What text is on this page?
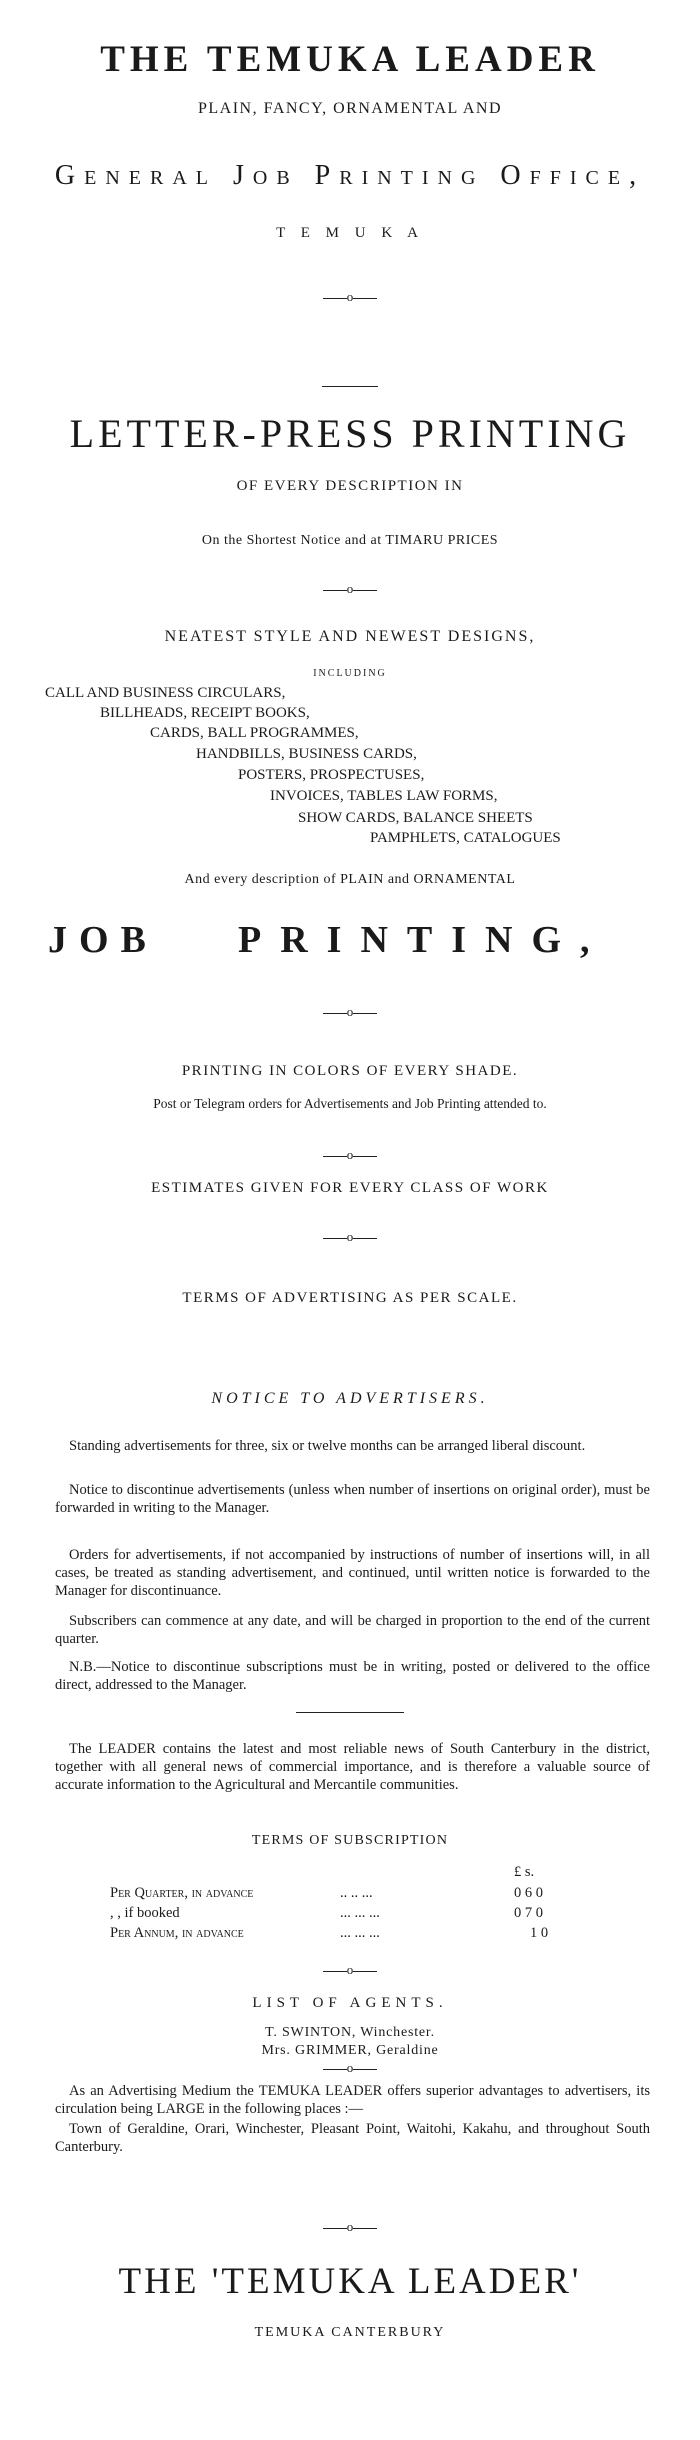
THE TEMUKA LEADER
PLAIN, FANCY, ORNAMENTAL AND
General Job Printing Office,
T E M U K A
o
LETTER-PRESS PRINTING
OF EVERY DESCRIPTION IN
On the Shortest Notice and at TIMARU PRICES
o
NEATEST STYLE AND NEWEST DESIGNS,
INCLUDING
CALL AND BUSINESS CIRCULARS,
BILLHEADS, RECEIPT BOOKS,
CARDS, BALL PROGRAMMES,
HANDBILLS, BUSINESS CARDS,
POSTERS, PROSPECTUSES,
INVOICES, TABLES LAW FORMS,
SHOW CARDS, BALANCE SHEETS
PAMPHLETS, CATALOGUES
And every description of PLAIN and ORNAMENTAL
JOB PRINTING,
o
PRINTING IN COLORS OF EVERY SHADE.
Post or Telegram orders for Advertisements and Job Printing attended to.
o
ESTIMATES GIVEN FOR EVERY CLASS OF WORK
o
TERMS OF ADVERTISING AS PER SCALE.
NOTICE TO ADVERTISERS.
Standing advertisements for three, six or twelve months can be arranged liberal discount.
Notice to discontinue advertisements (unless when number of insertions on original order), must be forwarded in writing to the Manager.
Orders for advertisements, if not accompanied by instructions of number of insertions will, in all cases, be treated as standing advertisement, and continued, until written notice is forwarded to the Manager for discontinuance.
Subscribers can commence at any date, and will be charged in proportion to the end of the current quarter.
N.B.—Notice to discontinue subscriptions must be in writing, posted or delivered to the office direct, addressed to the Manager.
The LEADER contains the latest and most reliable news of South Canterbury in the district, together with all general news of commercial importance, and is therefore a valuable source of accurate information to the Agricultural and Mercantile communities.
TERMS OF SUBSCRIPTION
£ s.
Per Quarter, in advance	.. .. ...	0 6 0
, , if booked	... ... ...	0 7 0
Per Annum, in advance	... ... ...	1 0
o
LIST OF AGENTS.
T. SWINTON, Winchester.
Mrs. GRIMMER, Geraldine
o
As an Advertising Medium the TEMUKA LEADER offers superior advantages to advertisers, its circulation being LARGE in the following places :—
Town of Geraldine, Orari, Winchester, Pleasant Point, Waitohi, Kakahu, and throughout South Canterbury.
o
THE 'TEMUKA LEADER'
TEMUKA CANTERBURY
